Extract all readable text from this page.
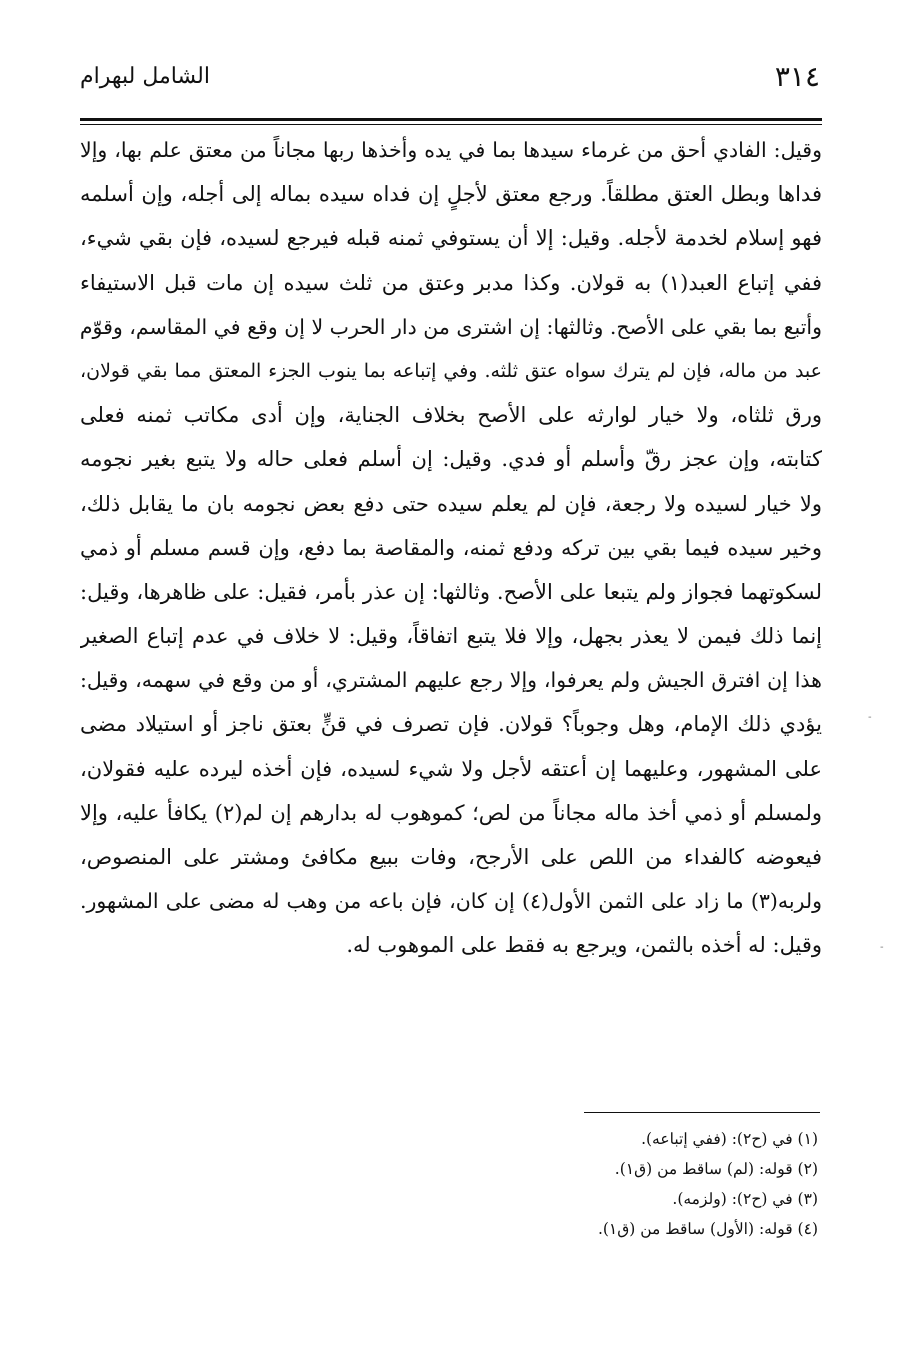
٣١٤
الشامل لبهرام
وقيل: الفادي أحق من غرماء سيدها بما في يده وأخذها ربها مجاناً من معتق علم بها، وإلا
فداها وبطل العتق مطلقاً. ورجع معتق لأجلٍ إن فداه سيده بماله إلى أجله، وإن أسلمه
فهو إسلام لخدمة لأجله. وقيل: إلا أن يستوفي ثمنه قبله فيرجع لسيده، فإن بقي شيء،
ففي إتباع العبد(١) به قولان. وكذا مدبر وعتق من ثلث سيده إن مات قبل الاستيفاء
وأتبع بما بقي على الأصح. وثالثها: إن اشترى من دار الحرب لا إن وقع في المقاسم، وقوّم
عبد من ماله، فإن لم يترك سواه عتق ثلثه. وفي إتباعه بما ينوب الجزء المعتق مما بقي قولان،
ورق ثلثاه، ولا خيار لوارثه على الأصح بخلاف الجناية، وإن أدى مكاتب ثمنه فعلى
كتابته، وإن عجز رقّ وأسلم أو فدي. وقيل: إن أسلم فعلى حاله ولا يتبع بغير نجومه
ولا خيار لسيده ولا رجعة، فإن لم يعلم سيده حتى دفع بعض نجومه بان ما يقابل ذلك،
وخير سيده فيما بقي بين تركه ودفع ثمنه، والمقاصة بما دفع، وإن قسم مسلم أو ذمي
لسكوتهما فجواز ولم يتبعا على الأصح. وثالثها: إن عذر بأمر، فقيل: على ظاهرها، وقيل:
إنما ذلك فيمن لا يعذر بجهل، وإلا فلا يتبع اتفاقاً، وقيل: لا خلاف في عدم إتباع الصغير
هذا إن افترق الجيش ولم يعرفوا، وإلا رجع عليهم المشتري، أو من وقع في سهمه، وقيل:
يؤدي ذلك الإمام، وهل وجوباً؟ قولان. فإن تصرف في قنٍّ بعتق ناجز أو استيلاد مضى
على المشهور، وعليهما إن أعتقه لأجل ولا شيء لسيده، فإن أخذه ليرده عليه فقولان،
ولمسلم أو ذمي أخذ ماله مجاناً من لص؛ كموهوب له بدارهم إن لم(٢) يكافأ عليه، وإلا
فيعوضه كالفداء من اللص على الأرجح، وفات ببيع مكافئ ومشتر على المنصوص،
ولربه(٣) ما زاد على الثمن الأول(٤) إن كان، فإن باعه من وهب له مضى على المشهور.
وقيل: له أخذه بالثمن، ويرجع به فقط على الموهوب له.
(١) في (ح٢): (ففي إتباعه).
(٢) قوله: (لم) ساقط من (ق١).
(٣) في (ح٢): (ولزمه).
(٤) قوله: (الأول) ساقط من (ق١).
-
-
